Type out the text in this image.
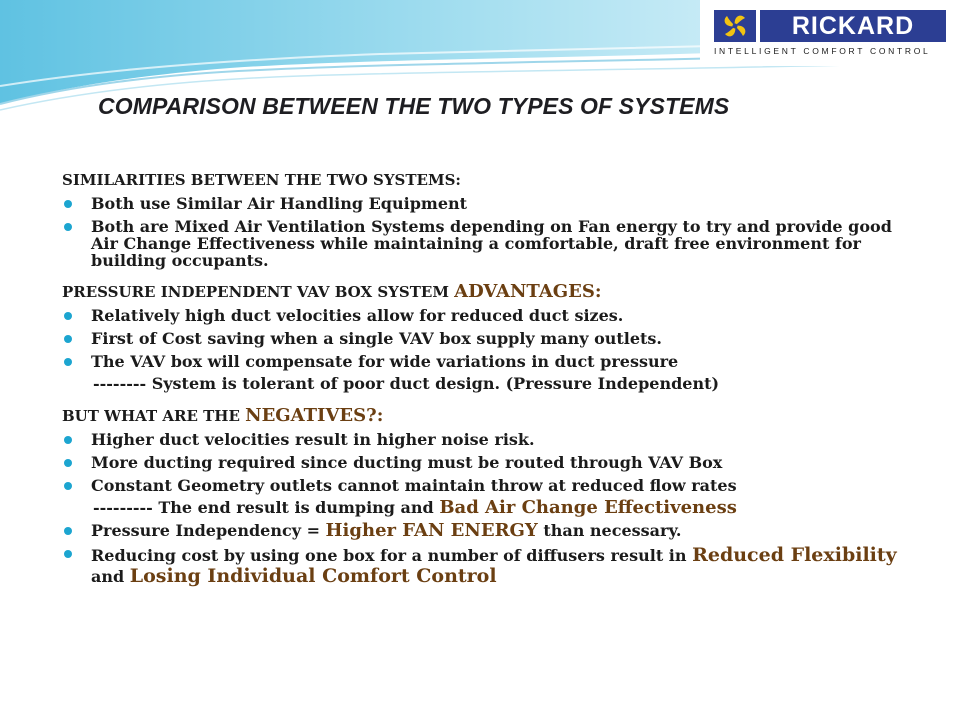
RICKARD
INTELLIGENT COMFORT CONTROL
COMPARISON BETWEEN THE TWO TYPES OF SYSTEMS
SIMILARITIES BETWEEN THE TWO SYSTEMS:
Both use Similar Air Handling Equipment
Both are Mixed Air Ventilation Systems depending on Fan energy to try and provide good Air Change Effectiveness while maintaining a comfortable, draft free environment for building occupants.
PRESSURE INDEPENDENT VAV BOX SYSTEM ADVANTAGES:
Relatively high duct velocities allow for reduced duct sizes.
First of Cost saving when a single VAV box supply many outlets.
The VAV box will compensate for wide variations in duct pressure
-------- System is tolerant of poor duct design. (Pressure Independent)
BUT WHAT ARE THE NEGATIVES?:
Higher duct velocities result in higher noise risk.
More ducting required since ducting must be routed through VAV Box
Constant Geometry outlets cannot maintain throw at reduced flow rates
--------- The end result is dumping and Bad Air Change Effectiveness
Pressure Independency = Higher FAN ENERGY than necessary.
Reducing cost by using one box for a number of diffusers result in Reduced Flexibility and Losing Individual Comfort Control
